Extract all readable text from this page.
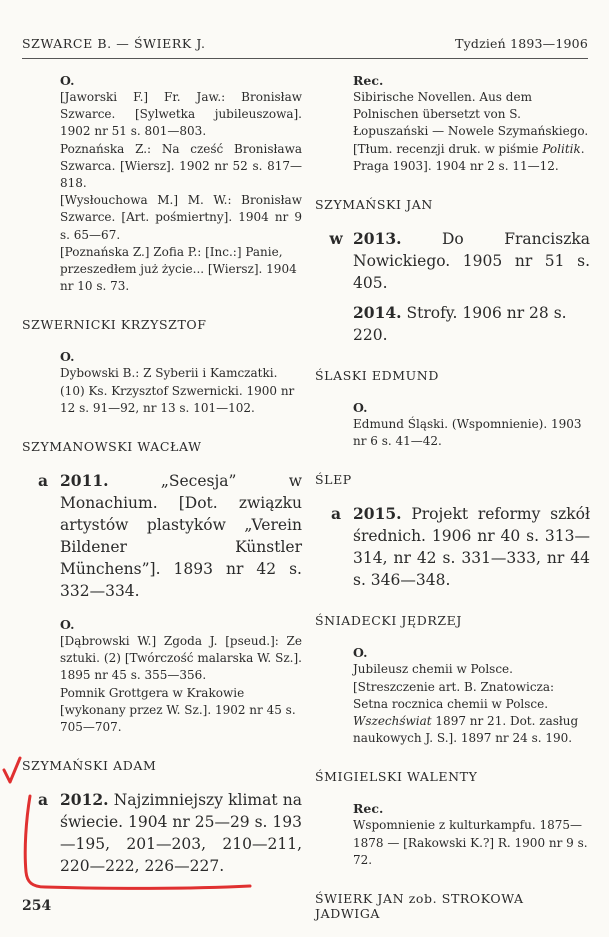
SZWARCE B. — ŚWIERK J.	Tydzień 1893—1906
O.

[Jaworski F.] Fr. Jaw.: Bronisław Szwarce. [Sylwetka jubileuszowa]. 1902 nr 51 s. 801—803.

Poznańska Z.: Na cześć Bronisława Szwarca. [Wiersz]. 1902 nr 52 s. 817—818.

[Wysłouchowa M.] M. W.: Bronisław Szwarce. [Art. pośmiertny]. 1904 nr 9 s. 65—67.

[Poznańska Z.] Zofia P.: [Inc.:] Panie, przeszedłem już życie... [Wiersz]. 1904 nr 10 s. 73.

SZWERNICKI KRZYSZTOF
O.

Dybowski B.: Z Syberii i Kamczatki. (10) Ks. Krzysztof Szwernicki. 1900 nr 12 s. 91—92, nr 13 s. 101—102.

SZYMANOWSKI WACŁAW
a 2011.	„Secesja” w Monachium. [Dot. związku artystów plastyków „Verein Bildener Künstler Münchens”]. 1893 nr 42 s. 332—334.
O.

[Dąbrowski W.] Zgoda J. [pseud.]: Ze sztuki. (2) [Twórczość malarska W. Sz.]. 1895 nr 45 s. 355—356.

Pomnik Grottgera w Krakowie [wykonany przez W. Sz.]. 1902 nr 45 s. 705—707.

SZYMAŃSKI ADAM
a 2012. Najzimniejszy klimat na świecie. 1904 nr 25—29 s. 193—195, 201—203, 210—211, 220—222, 226—227.
Rec.

Sibirische Novellen. Aus dem Polnischen übersetzt von S. Łopuszański — Nowele Szymańskiego. [Tłum. recenzji druk. w piśmie Politik. Praga 1903]. 1904 nr 2 s. 11—12.

SZYMAŃSKI JAN
w 2013.	Do Franciszka Nowickiego. 1905 nr 51 s. 405.
2014. Strofy. 1906 nr 28 s. 220.
ŚLASKI EDMUND
O.

Edmund Śląski. (Wspomnienie). 1903 nr 6 s. 41—42.

ŚLEP
a 2015. Projekt reformy szkół średnich. 1906 nr 40 s. 313—314, nr 42 s. 331—333, nr 44 s. 346—348.
ŚNIADECKI JĘDRZEJ
O.

Jubileusz chemii w Polsce. [Streszczenie art. B. Znatowicza: Setna rocznica chemii w Polsce. Wszechświat 1897 nr 21. Dot. zasług naukowych J. S.]. 1897 nr 24 s. 190.

ŚMIGIELSKI WALENTY
Rec.

Wspomnienie z kulturkampfu. 1875—1878 — [Rakowski K.?] R. 1900 nr 9 s. 72.

ŚWIERK JAN zob. STROKOWA JADWIGA
254
